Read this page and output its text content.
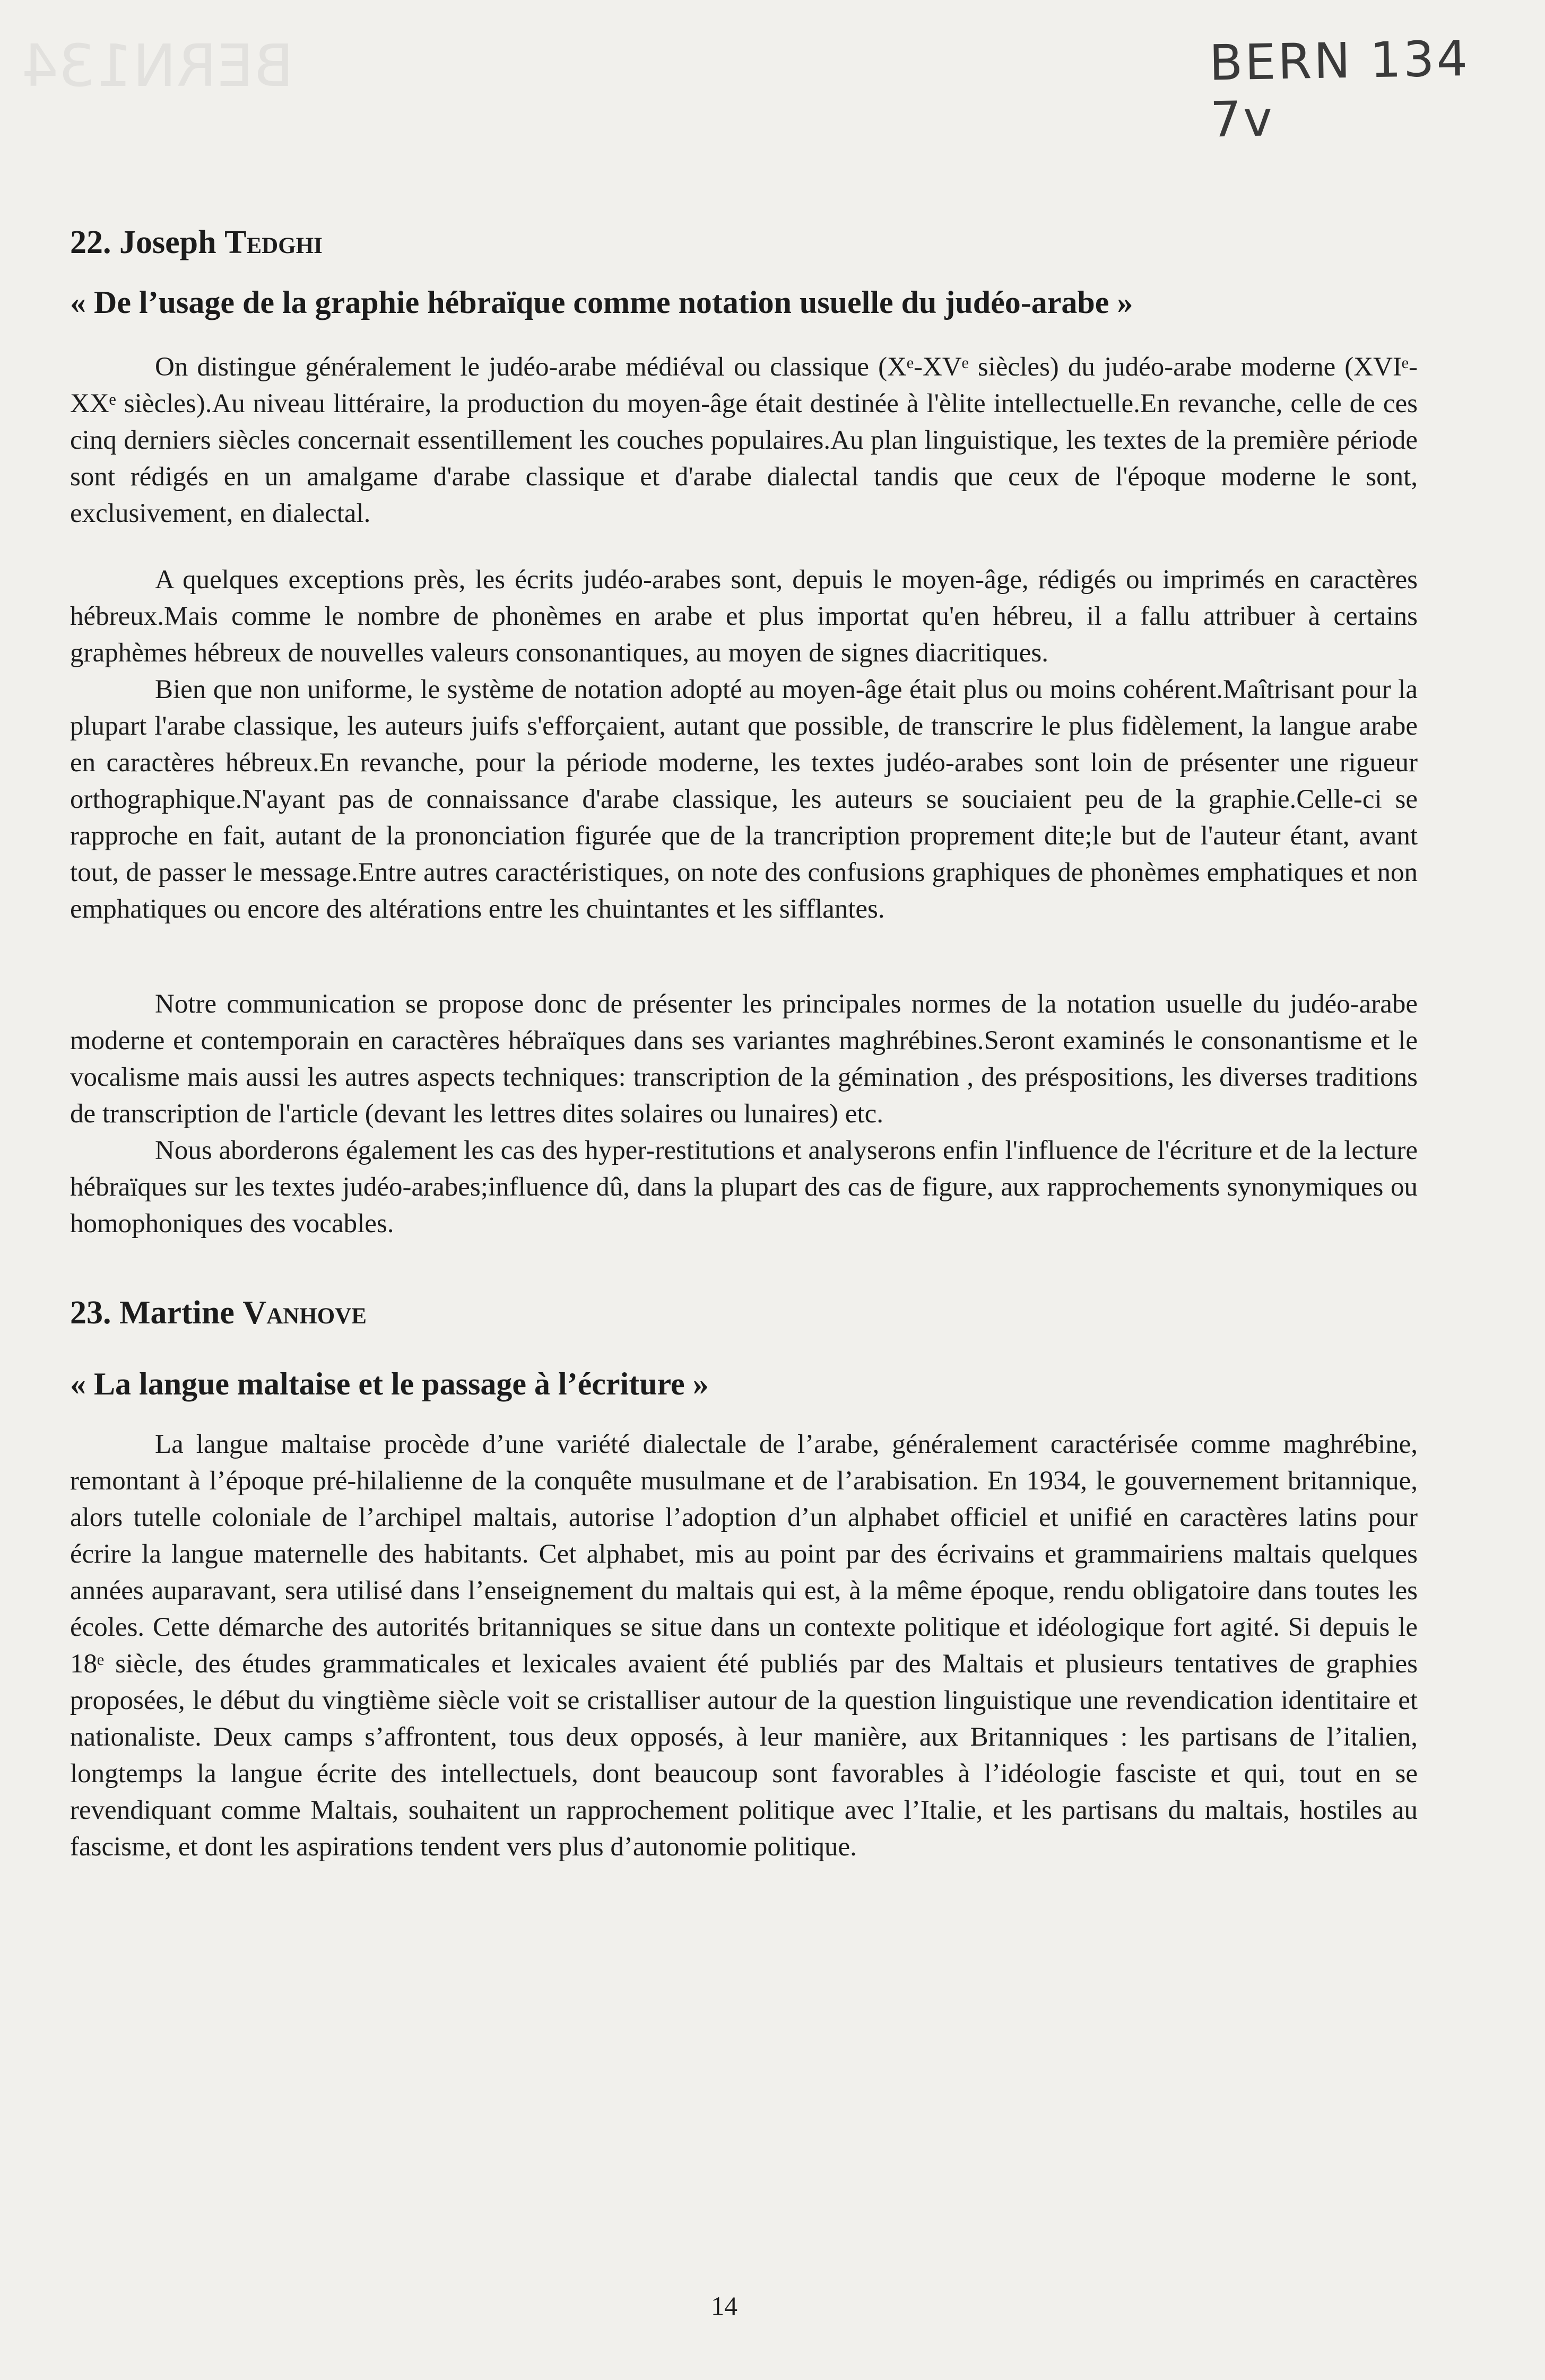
BERN134	BERN 134 7v
22. Joseph Tedghi
« De l’usage de la graphie hébraïque comme notation usuelle du judéo-arabe »

On distingue généralement le judéo-arabe médiéval ou classique (Xᵉ-XVᵉ siècles) du judéo-arabe moderne (XVIᵉ-XXᵉ siècles).Au niveau littéraire, la production du moyen-âge était destinée à l'èlite intellectuelle.En revanche, celle de ces cinq derniers siècles concernait essentillement les couches populaires.Au plan linguistique, les textes de la première période sont rédigés en un amalgame d'arabe classique et d'arabe dialectal tandis que ceux de l'époque moderne le sont, exclusivement, en dialectal.

A quelques exceptions près, les écrits judéo-arabes sont, depuis le moyen-âge, rédigés ou imprimés en caractères hébreux.Mais comme le nombre de phonèmes en arabe et plus importat qu'en hébreu, il a fallu attribuer à certains graphèmes hébreux de nouvelles valeurs consonantiques, au moyen de signes diacritiques.

Bien que non uniforme, le système de notation adopté au moyen-âge était plus ou moins cohérent.Maîtrisant pour la plupart l'arabe classique, les auteurs juifs s'efforçaient, autant que possible, de transcrire le plus fidèlement, la langue arabe en caractères hébreux.En revanche, pour la période moderne, les textes judéo-arabes sont loin de présenter une rigueur orthographique.N'ayant pas de connaissance d'arabe classique, les auteurs se souciaient peu de la graphie.Celle-ci se rapproche en fait, autant de la prononciation figurée que de la trancription proprement dite;le but de l'auteur étant, avant tout, de passer le message.Entre autres caractéristiques, on note des confusions graphiques de phonèmes emphatiques et non emphatiques ou encore des altérations entre les chuintantes et les sifflantes.

Notre communication se propose donc de présenter les principales normes de la notation usuelle du judéo-arabe moderne et contemporain en caractères hébraïques dans ses variantes maghrébines.Seront examinés le consonantisme et le vocalisme mais aussi les autres aspects techniques: transcription de la gémination , des préspositions, les diverses traditions de transcription de l'article (devant les lettres dites solaires ou lunaires) etc.

Nous aborderons également les cas des hyper-restitutions et analyserons enfin l'influence de l'écriture et de la lecture hébraïques sur les textes judéo-arabes;influence dû, dans la plupart des cas de figure, aux rapprochements synonymiques ou homophoniques des vocables.

23. Martine Vanhove
« La langue maltaise et le passage à l’écriture »

La langue maltaise procède d’une variété dialectale de l’arabe, généralement caractérisée comme maghrébine, remontant à l’époque pré-hilalienne de la conquête musulmane et de l’arabisation. En 1934, le gouvernement britannique, alors tutelle coloniale de l’archipel maltais, autorise l’adoption d’un alphabet officiel et unifié en caractères latins pour écrire la langue maternelle des habitants. Cet alphabet, mis au point par des écrivains et grammairiens maltais quelques années auparavant, sera utilisé dans l’enseignement du maltais qui est, à la même époque, rendu obligatoire dans toutes les écoles. Cette démarche des autorités britanniques se situe dans un contexte politique et idéologique fort agité. Si depuis le 18ᵉ siècle, des études grammaticales et lexicales avaient été publiés par des Maltais et plusieurs tentatives de graphies proposées, le début du vingtième siècle voit se cristalliser autour de la question linguistique une revendication identitaire et nationaliste. Deux camps s’affrontent, tous deux opposés, à leur manière, aux Britanniques : les partisans de l’italien, longtemps la langue écrite des intellectuels, dont beaucoup sont favorables à l’idéologie fasciste et qui, tout en se revendiquant comme Maltais, souhaitent un rapprochement politique avec l’Italie, et les partisans du maltais, hostiles au fascisme, et dont les aspirations tendent vers plus d’autonomie politique.

14
